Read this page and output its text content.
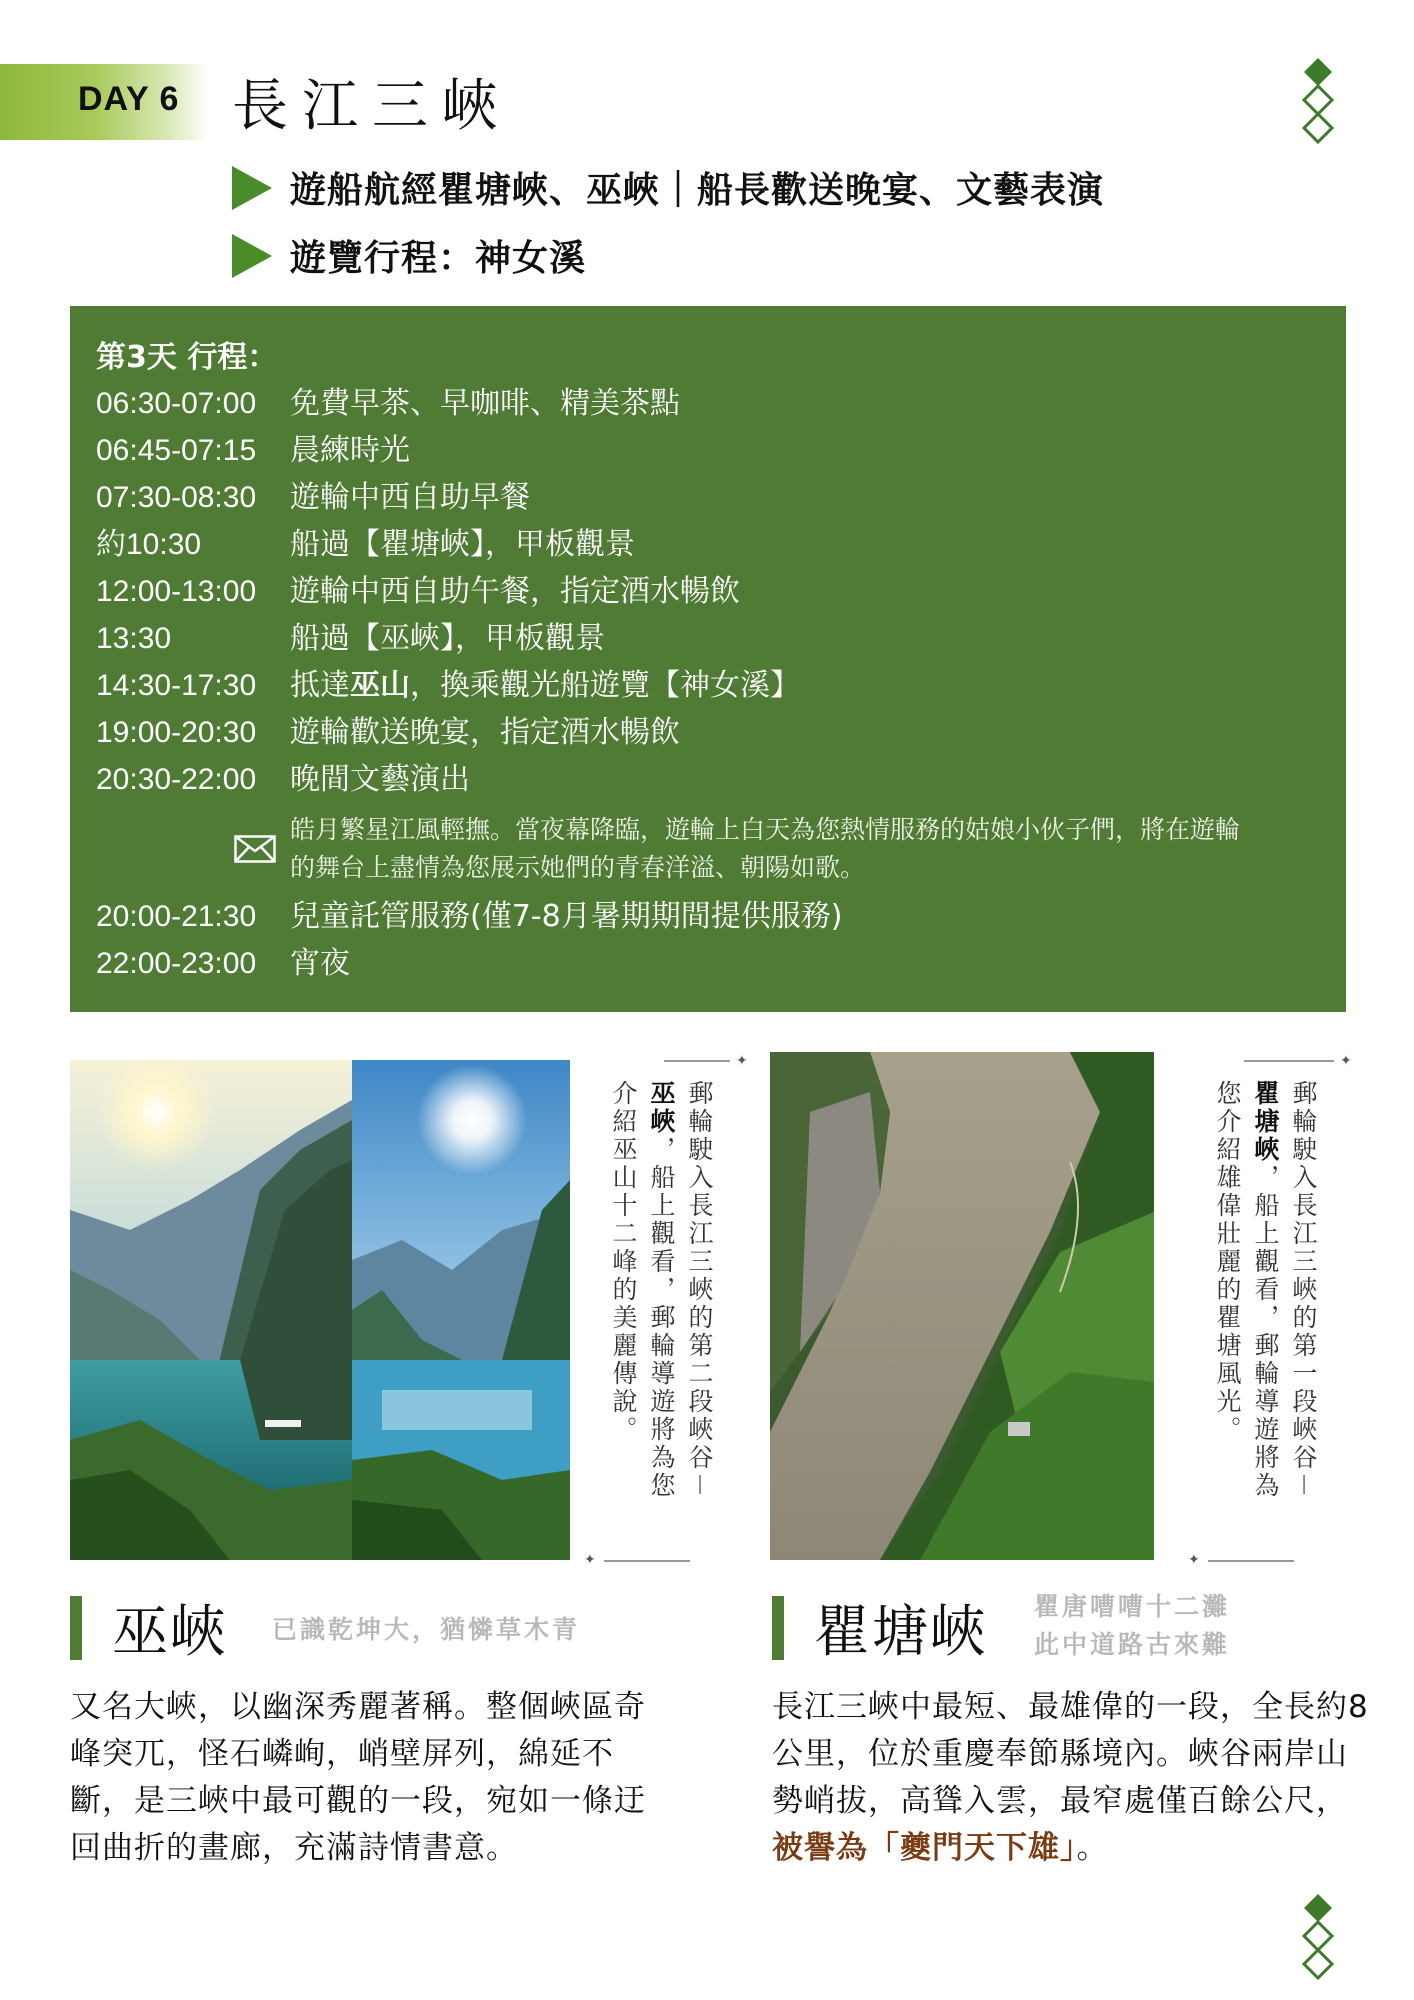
DAY 6 長江三峽
遊船航經瞿塘峽、巫峽｜船長歡送晚宴、文藝表演
遊覽行程：神女溪
第3天 行程：
06:30-07:00	免費早茶、早咖啡、精美茶點
06:45-07:15	晨練時光
07:30-08:30	遊輪中西自助早餐
約10:30	船過【瞿塘峽】，甲板觀景
12:00-13:00	遊輪中西自助午餐，指定酒水暢飲
13:30	船過【巫峽】，甲板觀景
14:30-17:30	抵達巫山，換乘觀光船遊覽【神女溪】
19:00-20:30	遊輪歡送晚宴，指定酒水暢飲
20:30-22:00	晚間文藝演出
皓月繁星江風輕撫。當夜幕降臨，遊輪上白天為您熱情服務的姑娘小伙子們，將在遊輪的舞台上盡情為您展示她們的青春洋溢、朝陽如歌。
20:00-21:30	兒童託管服務(僅7-8月暑期期間提供服務)
22:00-23:00	宵夜
✦
郵輪駛入長江三峽的第二段峽谷－巫峽，船上觀看，郵輪導遊將為您介紹巫山十二峰的美麗傳說。
✦
✦
郵輪駛入長江三峽的第一段峽谷－瞿塘峽，船上觀看，郵輪導遊將為您介紹雄偉壯麗的瞿塘風光。
✦
巫峽 已識乾坤大，猶憐草木青
又名大峽，以幽深秀麗著稱。整個峽區奇峰突兀，怪石嶙峋，峭壁屏列，綿延不斷，是三峽中最可觀的一段，宛如一條迂回曲折的畫廊，充滿詩情書意。
瞿塘峽 瞿唐嘈嘈十二灘
此中道路古來難
長江三峽中最短、最雄偉的一段，全長約8公里，位於重慶奉節縣境內。峽谷兩岸山勢峭拔，高聳入雲，最窄處僅百餘公尺，被譽為「夔門天下雄」。
